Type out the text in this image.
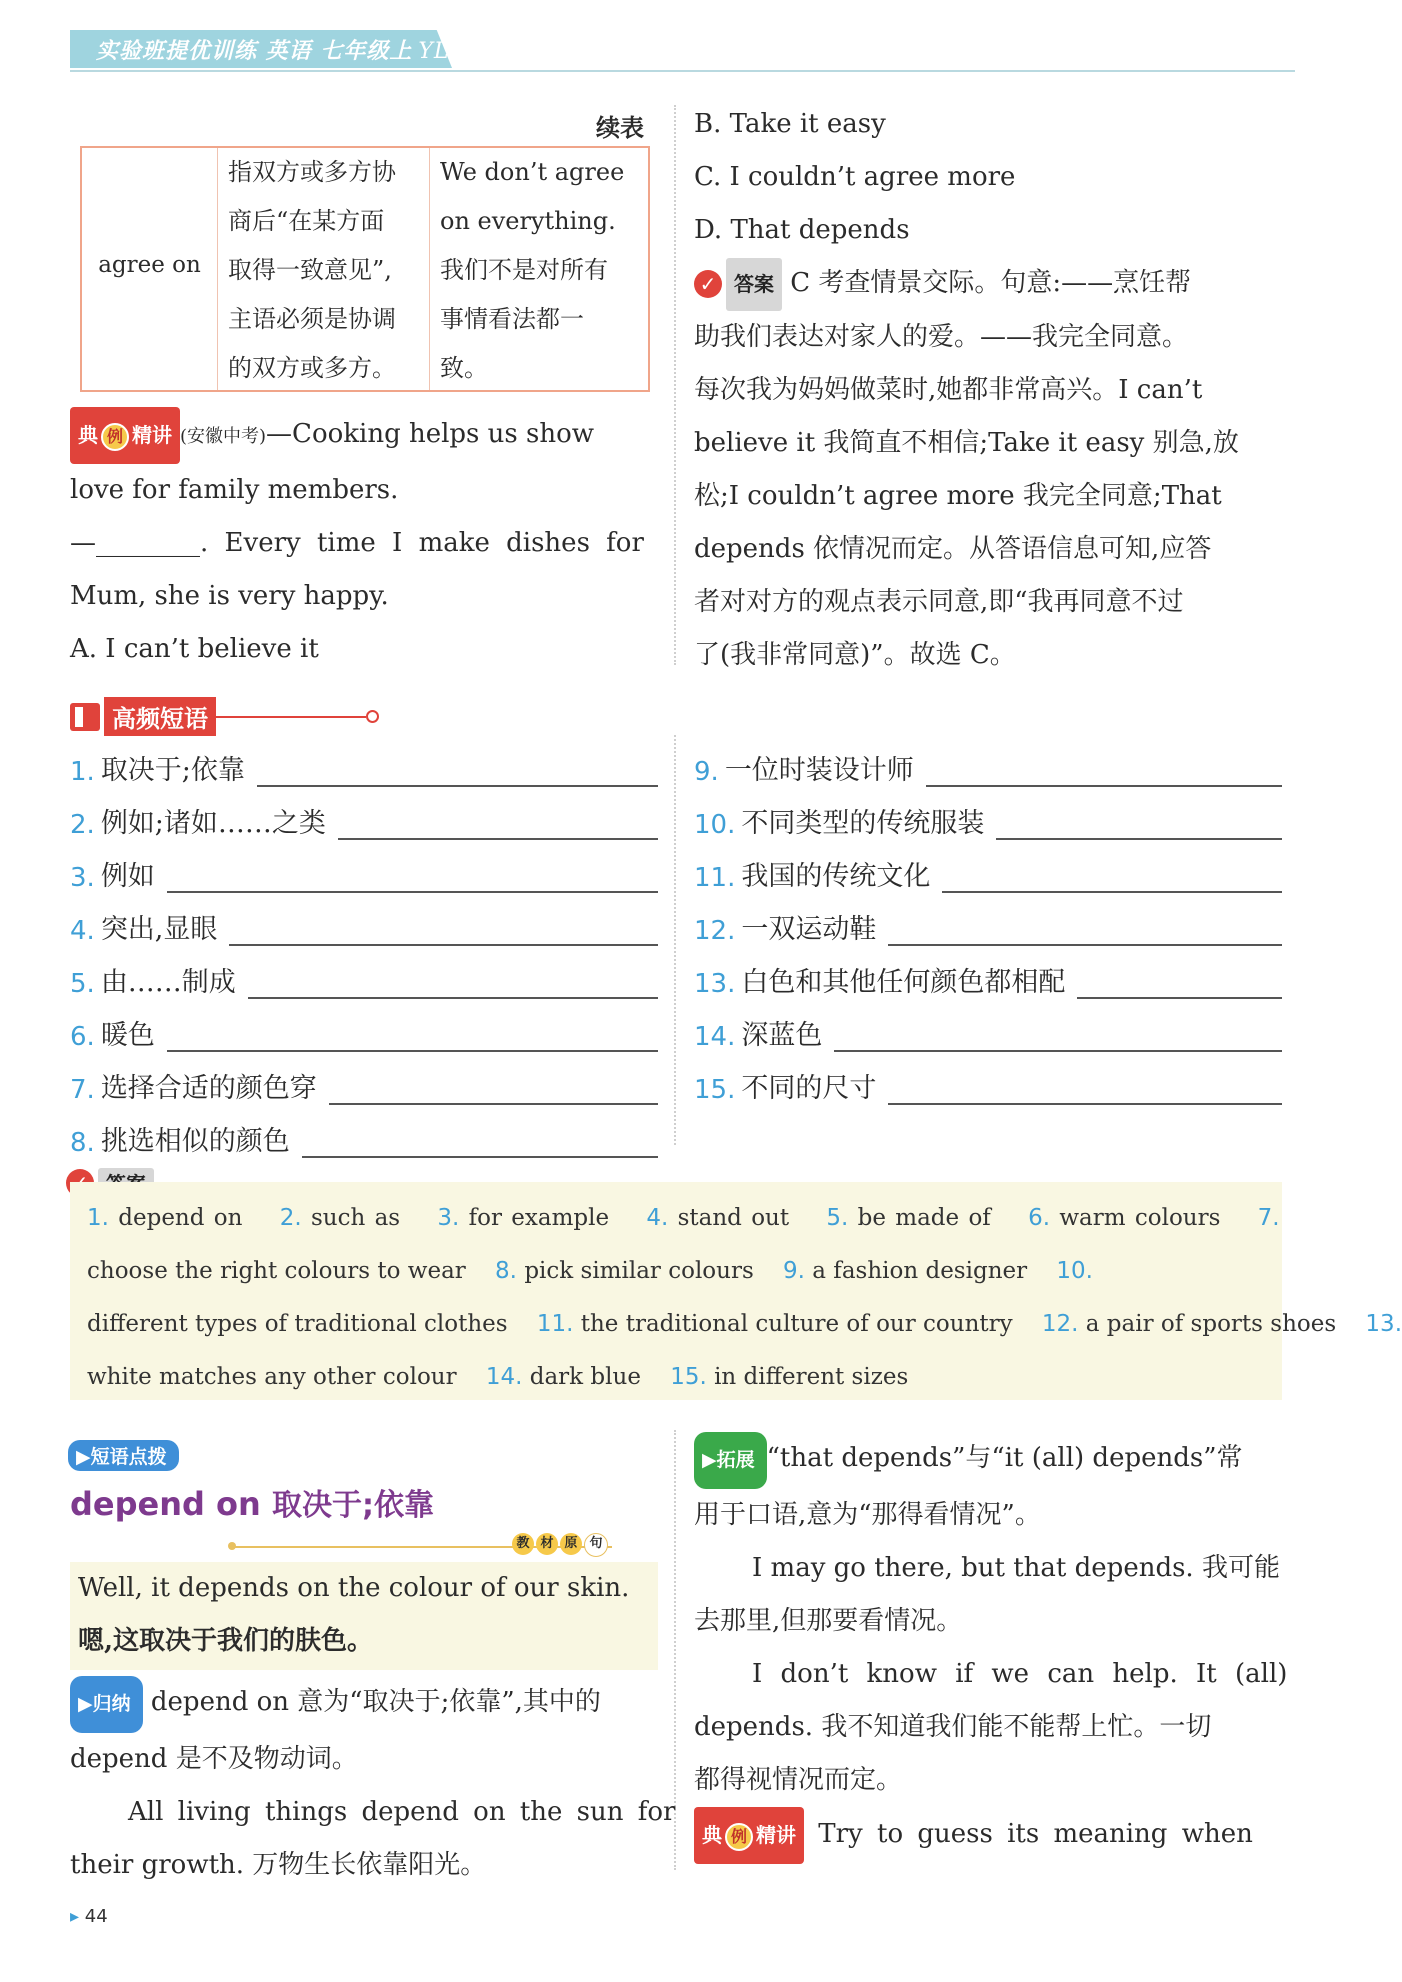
实验班提优训练 英语 七年级上 YL
续表
agree on
指双方或多方协
商后“在某方面
取得一致意见”,
主语必须是协调
的双方或多方。
We don’t agree
on everything.
我们不是对所有
事情看法都一
致。
典 例 精讲 (安徽中考)—Cooking helps us show
love for family members.
—________. Every time I make dishes for
Mum, she is very happy.
A. I can’t believe it
B. Take it easy
C. I couldn’t agree more
D. That depends
✓ 答案 C 考查情景交际。句意:——烹饪帮
助我们表达对家人的爱。——我完全同意。
每次我为妈妈做菜时,她都非常高兴。I can’t
believe it 我简直不相信;Take it easy 别急,放
松;I couldn’t agree more 我完全同意;That
depends 依情况而定。从答语信息可知,应答
者对对方的观点表示同意,即“我再同意不过
了(我非常同意)”。故选 C。
高频短语
1. 取决于;依靠
2. 例如;诸如……之类
3. 例如
4. 突出,显眼
5. 由……制成
6. 暖色
7. 选择合适的颜色穿
8. 挑选相似的颜色
9. 一位时装设计师
10. 不同类型的传统服装
11. 我国的传统文化
12. 一双运动鞋
13. 白色和其他任何颜色都相配
14. 深蓝色
15. 不同的尺寸
1. depend on 2. such as 3. for example 4. stand out 5. be made of 6. warm colours 7.
choose the right colours to wear 8. pick similar colours 9. a fashion designer 10.
different types of traditional clothes 11. the traditional culture of our country 12. a pair of sports shoes 13.
white matches any other colour 14. dark blue 15. in different sizes
▶短语点拨
depend on 取决于;依靠
教 材 原 句
Well, it depends on the colour of our skin.
嗯,这取决于我们的肤色。
▶归纳 depend on 意为“取决于;依靠”,其中的
depend 是不及物动词。
All living things depend on the sun for
their growth. 万物生长依靠阳光。
▶拓展 “that depends”与“it (all) depends”常
用于口语,意为“那得看情况”。
I may go there, but that depends. 我可能
去那里,但那要看情况。
I don’t know if we can help. It (all)
depends. 我不知道我们能不能帮上忙。一切
都得视情况而定。
典 例 精讲 Try to guess its meaning when
▸ 44
